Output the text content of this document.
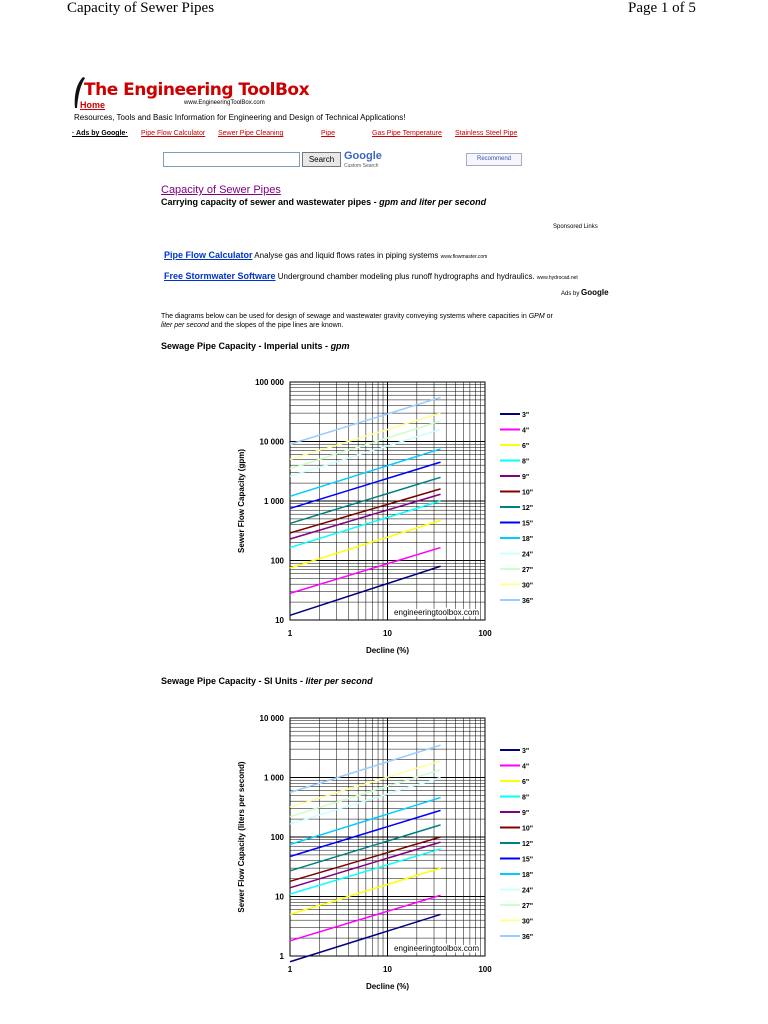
Capacity of Sewer Pipes	Page 1 of 5
The Engineering ToolBox
www.EngineeringToolBox.com
Home
Resources, Tools and Basic Information for Engineering and Design of Technical Applications!
· Ads by Google· Pipe Flow Calculator Sewer Pipe Cleaning	Pipe	Gas Pipe Temperature Stainless Steel Pipe
Search Google
Custom Search
Recommend
Capacity of Sewer Pipes
Carrying capacity of sewer and wastewater pipes - gpm and liter per second
Sponsored Links
Pipe Flow Calculator Analyse gas and liquid flows rates in piping systems www.flowmaster.com
Free Stormwater Software Underground chamber modeling plus runoff hydrographs and hydraulics. www.hydrocad.net
Ads by Google
The diagrams below can be used for design of sewage and wastewater gravity conveying systems where capacities in GPM or
liter per second and the slopes of the pipe lines are known.
Sewage Pipe Capacity - Imperial units - gpm
10
100
1 000
10 000
100 000
1	10	100
Decline (%)
Sewer Flow Capacity (gpm)
engineeringtoolbox.com
3"
4"
6"
8"
9"
10"
12"
15"
18"
24"
27"
30"
36"
Sewage Pipe Capacity - SI Units - liter per second
1
10
100
1 000
10 000
1	10	100
Decline (%)
Sewer Flow Capacity (liters per second)
engineeringtoolbox.com
3"
4"
6"
8"
9"
10"
12"
15"
18"
24"
27"
30"
36"
